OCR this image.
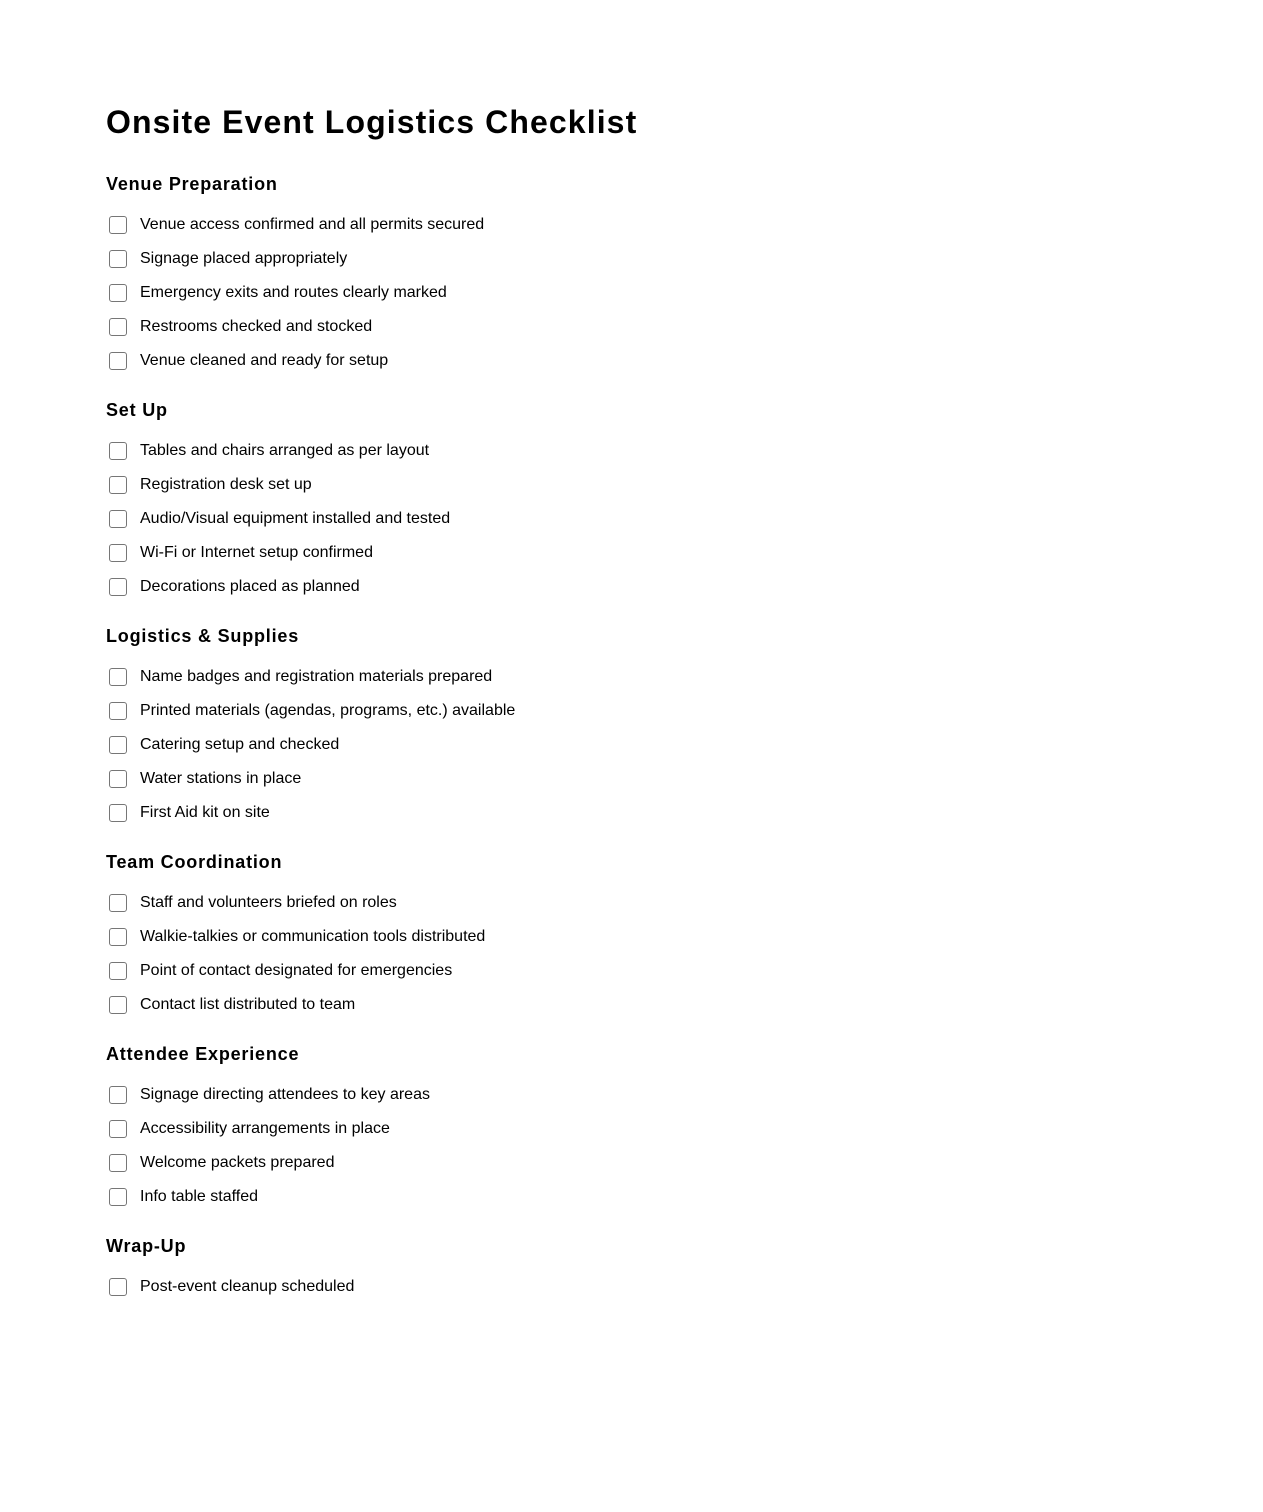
Onsite Event Logistics Checklist
Venue Preparation
Venue access confirmed and all permits secured
Signage placed appropriately
Emergency exits and routes clearly marked
Restrooms checked and stocked
Venue cleaned and ready for setup
Set Up
Tables and chairs arranged as per layout
Registration desk set up
Audio/Visual equipment installed and tested
Wi-Fi or Internet setup confirmed
Decorations placed as planned
Logistics & Supplies
Name badges and registration materials prepared
Printed materials (agendas, programs, etc.) available
Catering setup and checked
Water stations in place
First Aid kit on site
Team Coordination
Staff and volunteers briefed on roles
Walkie-talkies or communication tools distributed
Point of contact designated for emergencies
Contact list distributed to team
Attendee Experience
Signage directing attendees to key areas
Accessibility arrangements in place
Welcome packets prepared
Info table staffed
Wrap-Up
Post-event cleanup scheduled
